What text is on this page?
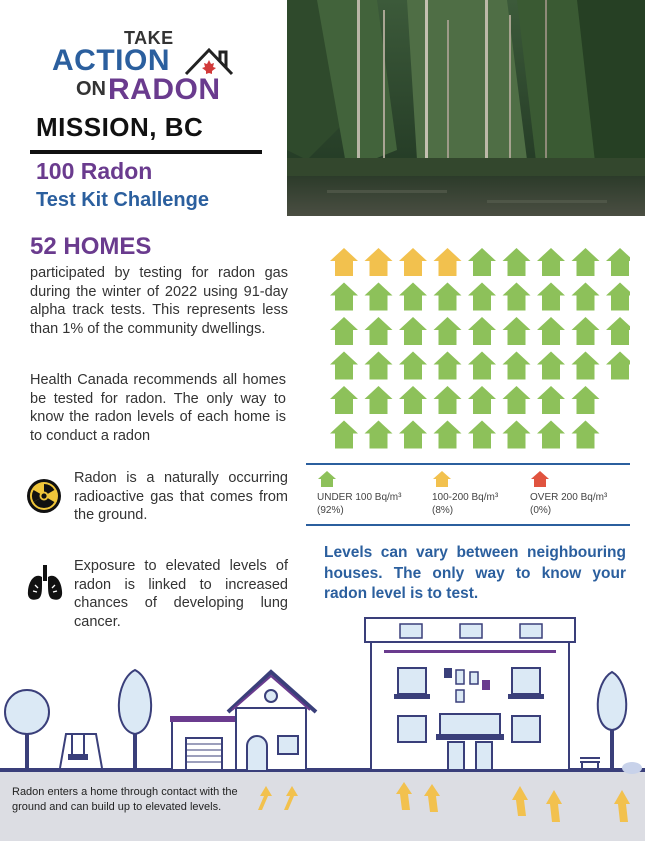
TAKE
ACTION
ON RADON
MISSION, BC
100 Radon
Test Kit Challenge
52 HOMES
participated by testing for radon gas during the winter of 2022 using 91-day alpha track tests. This represents less than 1% of the community dwellings.
Health Canada recommends all homes be tested for radon. The only way to know the radon levels of each home is to conduct a radon
Radon is a naturally occurring radioactive gas that comes from the ground.
Exposure to elevated levels of radon is linked to increased chances of developing lung cancer.
UNDER 100 Bq/m³
(92%)
100-200 Bq/m³
(8%)
OVER 200 Bq/m³
(0%)
Levels can vary between neighbouring houses. The only way to know your radon level is to test.
Radon enters a home through contact with the ground and can build up to elevated levels.
